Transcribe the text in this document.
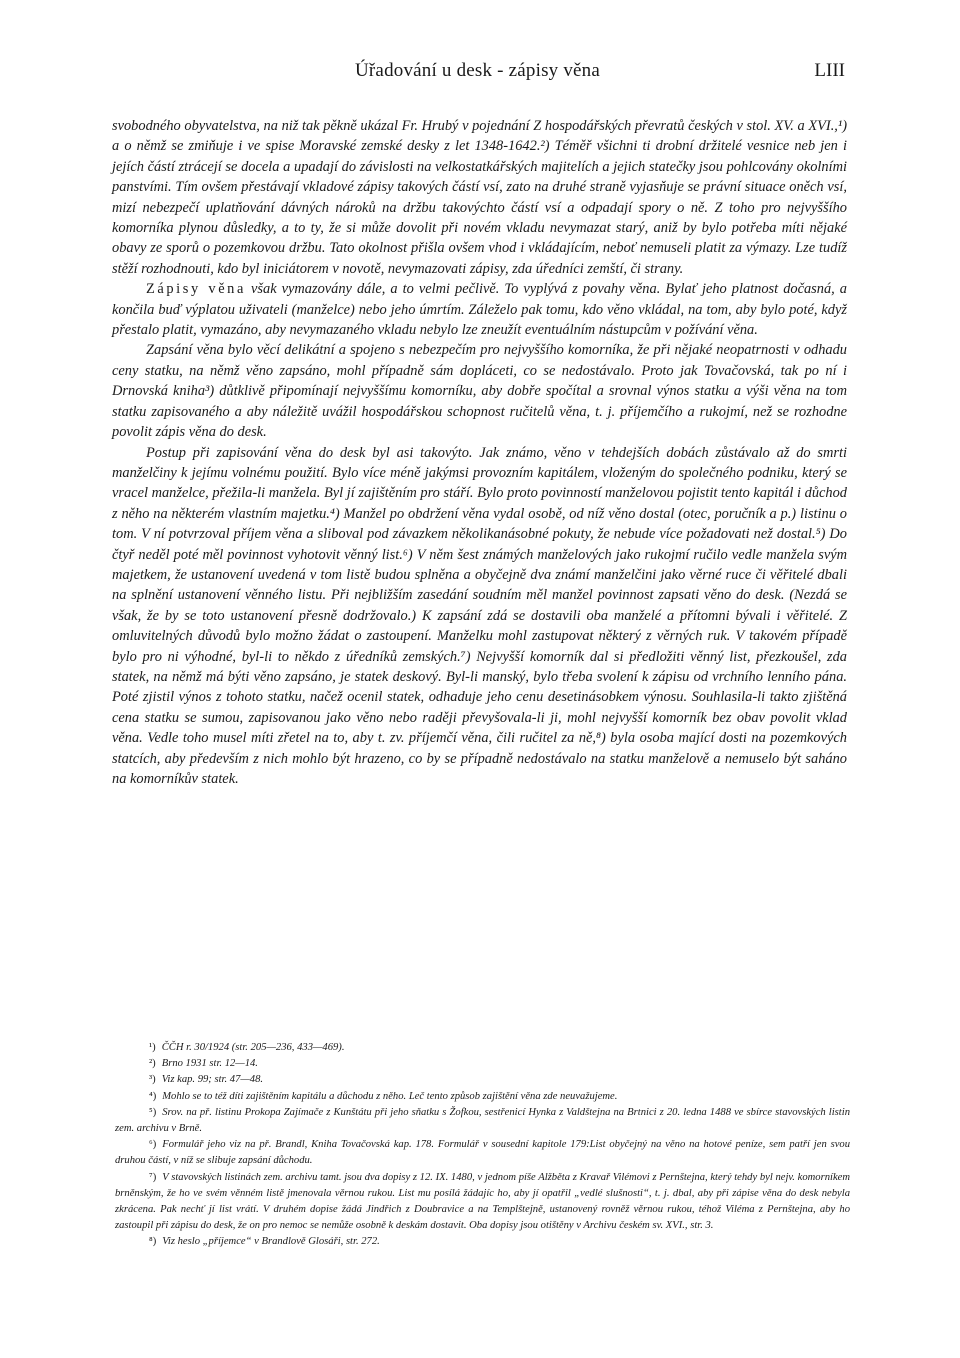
Úřadování u desk - zápisy věna	LIII

svobodného obyvatelstva, na niž tak pěkně ukázal Fr. Hrubý v pojednání Z hospodářských převratů českých v stol. XV. a XVI.,¹) a o němž se zmiňuje i ve spise Moravské zemské desky z let 1348-1642.²) Téměř všichni ti drobní držitelé vesnice neb jen i jejích částí ztrácejí se docela a upadají do závislosti na velkostatkářských majitelích a jejich statečky jsou pohlcovány okolními panstvími. Tím ovšem přestávají vkladové zápisy takových částí vsí, zato na druhé straně vyjasňuje se právní situace oněch vsí, mizí nebezpečí uplatňování dávných nároků na držbu takovýchto částí vsí a odpadají spory o ně. Z toho pro nejvyššího komorníka plynou důsledky, a to ty, že si může dovolit při novém vkladu nevymazat starý, aniž by bylo potřeba míti nějaké obavy ze sporů o pozemkovou držbu. Tato okolnost přišla ovšem vhod i vkládajícím, neboť nemuseli platit za výmazy. Lze tudíž stěží rozhodnouti, kdo byl iniciátorem v novotě, nevymazovati zápisy, zda úředníci zemští, či strany.

Zápisy věna však vymazovány dále, a to velmi pečlivě. To vyplývá z povahy věna. Bylať jeho platnost dočasná, a končila buď výplatou uživateli (manželce) nebo jeho úmrtím. Záleželo pak tomu, kdo věno vkládal, na tom, aby bylo poté, když přestalo platit, vymazáno, aby nevymazaného vkladu nebylo lze zneužít eventuálním nástupcům v požívání věna.

Zapsání věna bylo věcí delikátní a spojeno s nebezpečím pro nejvyššího komorníka, že při nějaké neopatrnosti v odhadu ceny statku, na němž věno zapsáno, mohl případně sám dopláceti, co se nedostávalo. Proto jak Tovačovská, tak po ní i Drnovská kniha³) důtklivě připomínají nejvyššímu komorníku, aby dobře spočítal a srovnal výnos statku a výši věna na tom statku zapisovaného a aby náležitě uvážil hospodářskou schopnost ručitelů věna, t. j. příjemčího a rukojmí, než se rozhodne povolit zápis věna do desk.

Postup při zapisování věna do desk byl asi takovýto. Jak známo, věno v tehdejších dobách zůstávalo až do smrti manželčiny k jejímu volnému použití. Bylo více méně jakýmsi provozním kapitálem, vloženým do společného podniku, který se vracel manželce, přežila-li manžela. Byl jí zajištěním pro stáří. Bylo proto povinností manželovou pojistit tento kapitál i důchod z něho na některém vlastním majetku.⁴) Manžel po obdržení věna vydal osobě, od níž věno dostal (otec, poručník a p.) listinu o tom. V ní potvrzoval příjem věna a sliboval pod závazkem několikanásobné pokuty, že nebude více požadovati než dostal.⁵) Do čtyř neděl poté měl povinnost vyhotovit věnný list.⁶) V něm šest známých manželových jako rukojmí ručilo vedle manžela svým majetkem, že ustanovení uvedená v tom listě budou splněna a obyčejně dva známí manželčini jako věrné ruce či věřitelé dbali na splnění ustanovení věnného listu. Při nejbližším zasedání soudním měl manžel povinnost zapsati věno do desk. (Nezdá se však, že by se toto ustanovení přesně dodržovalo.) K zapsání zdá se dostavili oba manželé a přítomni bývali i věřitelé. Z omluvitelných důvodů bylo možno žádat o zastoupení. Manželku mohl zastupovat některý z věrných ruk. V takovém případě bylo pro ni výhodné, byl-li to někdo z úředníků zemských.⁷) Nejvyšší komorník dal si předložiti věnný list, přezkoušel, zda statek, na němž má býti věno zapsáno, je statek deskový. Byl-li manský, bylo třeba svolení k zápisu od vrchního lenního pána. Poté zjistil výnos z tohoto statku, načež ocenil statek, odhaduje jeho cenu desetinásobkem výnosu. Souhlasila-li takto zjištěná cena statku se sumou, zapisovanou jako věno nebo raději převyšovala-li ji, mohl nejvyšší komorník bez obav povolit vklad věna. Vedle toho musel míti zřetel na to, aby t. zv. příjemčí věna, čili ručitel za ně,⁸) byla osoba mající dosti na pozemkových statcích, aby především z nich mohlo být hrazeno, co by se případně nedostávalo na statku manželově a nemuselo být saháno na komorníkův statek.

¹) ČČH r. 30/1924 (str. 205—236, 433—469).

²) Brno 1931 str. 12—14.

³) Viz kap. 99; str. 47—48.

⁴) Mohlo se to též díti zajištěním kapitálu a důchodu z něho. Leč tento způsob zajištění věna zde neuvažujeme.

⁵) Srov. na př. listinu Prokopa Zajímače z Kunštátu při jeho sňatku s Žofkou, sestřenicí Hynka z Valdštejna na Brtnici z 20. ledna 1488 ve sbírce stavovských listin zem. archivu v Brně.

⁶) Formulář jeho viz na př. Brandl, Kniha Tovačovská kap. 178. Formulář v sousední kapitole 179:List obyčejný na věno na hotové peníze, sem patří jen svou druhou částí, v níž se slibuje zapsání důchodu.

⁷) V stavovských listinách zem. archivu tamt. jsou dva dopisy z 12. IX. 1480, v jednom píše Alžběta z Kravař Vilémovi z Pernštejna, který tehdy byl nejv. komorníkem brněnským, že ho ve svém věnném listě jmenovala věrnou rukou. List mu posílá žádajíc ho, aby jí opatřil „vedlé slušnosti“, t. j. dbal, aby při zápise věna do desk nebyla zkrácena. Pak nechť jí list vrátí. V druhém dopise žádá Jindřich z Doubravice a na Templštejně, ustanovený rovněž věrnou rukou, téhož Viléma z Pernštejna, aby ho zastoupil při zápisu do desk, že on pro nemoc se nemůže osobně k deskám dostavit. Oba dopisy jsou otištěny v Archivu českém sv. XVI., str. 3.

⁸) Viz heslo „příjemce“ v Brandlově Glosáři, str. 272.
